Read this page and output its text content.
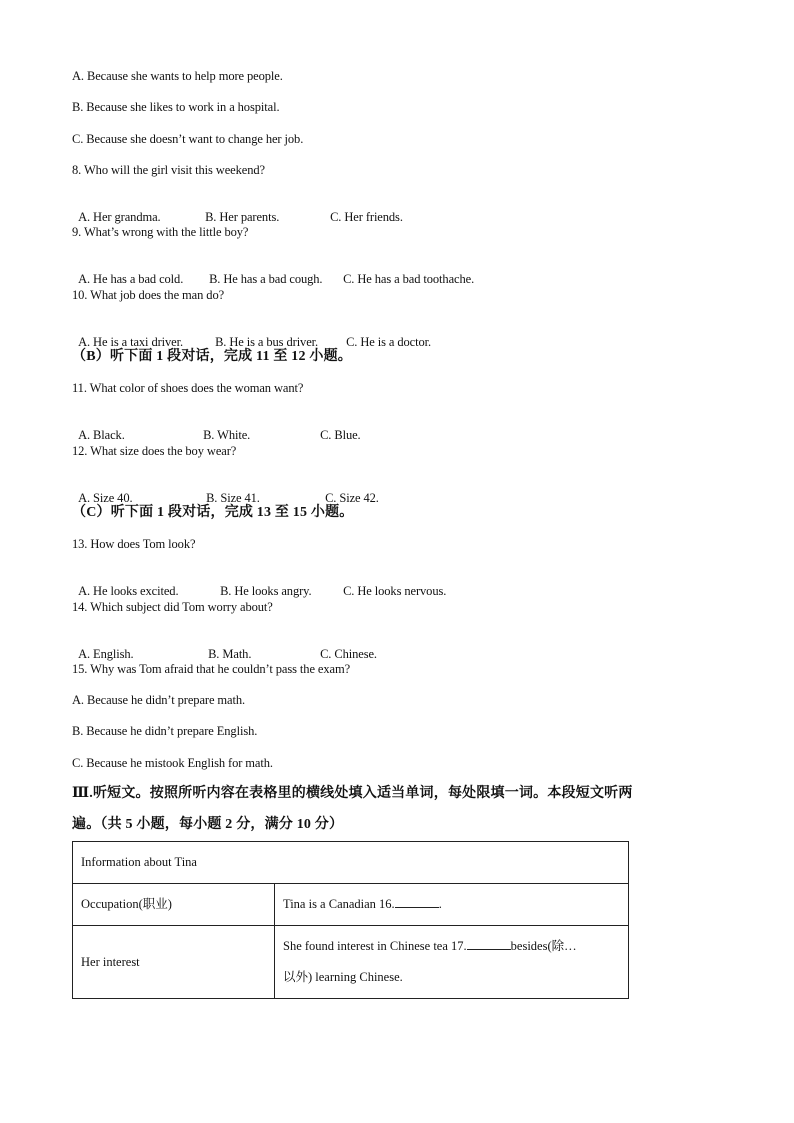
A. Because she wants to help more people.
B. Because she likes to work in a hospital.
C. Because she doesn’t want to change her job.
8. Who will the girl visit this weekend?

A. Her grandma.	B. Her parents.	C. Her friends.

9. What’s wrong with the little boy?

A. He has a bad cold. B. He has a bad cough. C. He has a bad toothache.

10. What job does the man do?

A. He is a taxi driver.	B. He is a bus driver. C. He is a doctor.

（B）听下面 1 段对话，完成 11 至 12 小题。
11. What color of shoes does the woman want?

A. Black.	B. White.	C. Blue.

12. What size does the boy wear?

A. Size 40.	B. Size 41.	C. Size 42.

（C）听下面 1 段对话，完成 13 至 15 小题。
13. How does Tom look?

A. He looks excited.	B. He looks angry.	C. He looks nervous.

14. Which subject did Tom worry about?

A. English.	B. Math.	C. Chinese.

15. Why was Tom afraid that he couldn’t pass the exam?
A. Because he didn’t prepare math.
B. Because he didn’t prepare English.
C. Because he mistook English for math.
Ⅲ.听短文。按照所听内容在表格里的横线处填入适当单词，每处限填一词。本段短文听两
遍。（共 5 小题，每小题 2 分，满分 10 分）
Information about Tina	
Occupation(职业)	Tina is a Canadian 16. .
Her interest	She found interest in Chinese tea 17. besides(除…
以外) learning Chinese.
